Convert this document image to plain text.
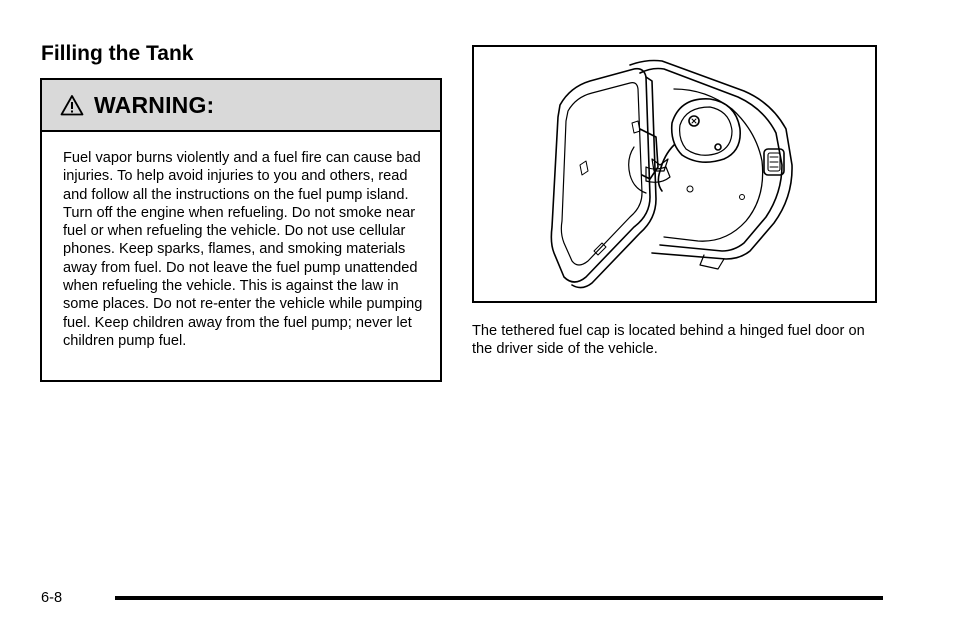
Filling the Tank
WARNING:

Fuel vapor burns violently and a fuel fire can cause bad injuries. To help avoid injuries to you and others, read and follow all the instructions on the fuel pump island. Turn off the engine when refueling. Do not smoke near fuel or when refueling the vehicle. Do not use cellular phones. Keep sparks, flames, and smoking materials away from fuel. Do not leave the fuel pump unattended when refueling the vehicle. This is against the law in some places. Do not re-enter the vehicle while pumping fuel. Keep children away from the fuel pump; never let children pump fuel.

The tethered fuel cap is located behind a hinged fuel door on the driver side of the vehicle.

6-8
